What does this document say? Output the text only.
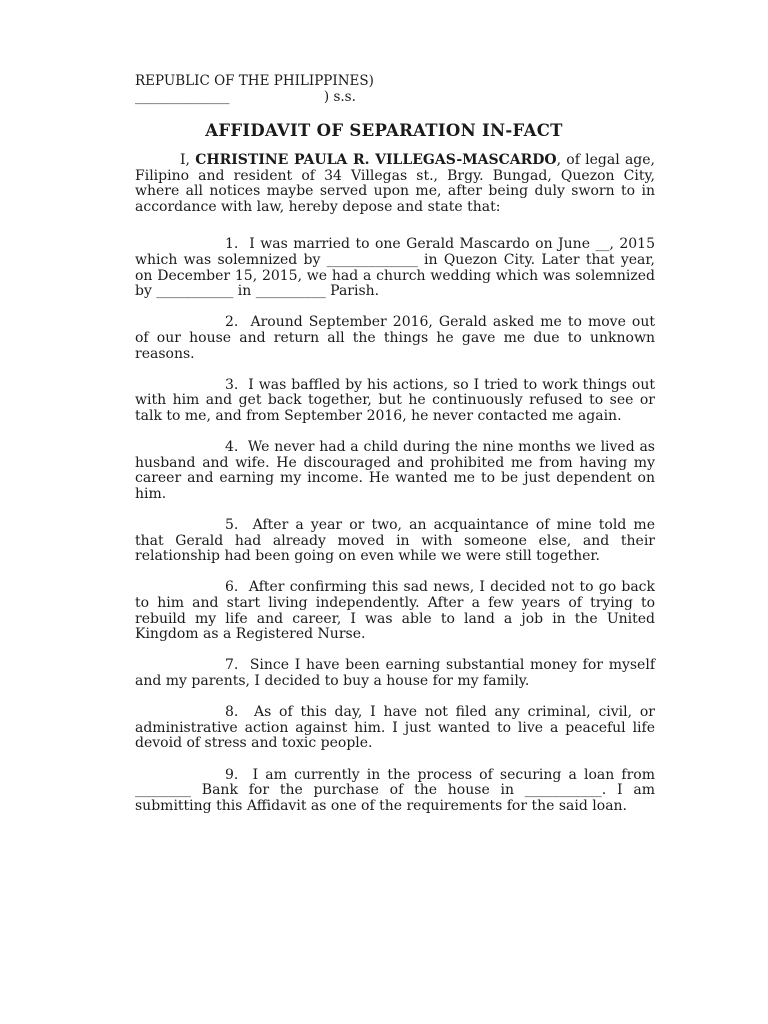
REPUBLIC OF THE PHILIPPINES)
______________                      ) s.s.
AFFIDAVIT OF SEPARATION IN-FACT

I, CHRISTINE PAULA R. VILLEGAS-MASCARDO, of legal age, Filipino and resident of 34 Villegas st., Brgy. Bungad, Quezon City, where all notices maybe served upon me, after being duly sworn to in accordance with law, hereby depose and state that:

1. I was married to one Gerald Mascardo on June __, 2015 which was solemnized by _____________ in Quezon City. Later that year, on December 15, 2015, we had a church wedding which was solemnized by ___________ in __________ Parish.

2. Around September 2016, Gerald asked me to move out of our house and return all the things he gave me due to unknown reasons.

3. I was baffled by his actions, so I tried to work things out with him and get back together, but he continuously refused to see or talk to me, and from September 2016, he never contacted me again.

4. We never had a child during the nine months we lived as husband and wife. He discouraged and prohibited me from having my career and earning my income. He wanted me to be just dependent on him.

5. After a year or two, an acquaintance of mine told me that Gerald had already moved in with someone else, and their relationship had been going on even while we were still together.

6. After confirming this sad news, I decided not to go back to him and start living independently. After a few years of trying to rebuild my life and career, I was able to land a job in the United Kingdom as a Registered Nurse.

7. Since I have been earning substantial money for myself and my parents, I decided to buy a house for my family.

8. As of this day, I have not filed any criminal, civil, or administrative action against him. I just wanted to live a peaceful life devoid of stress and toxic people.

9. I am currently in the process of securing a loan from ________ Bank for the purchase of the house in ___________. I am submitting this Affidavit as one of the requirements for the said loan.
